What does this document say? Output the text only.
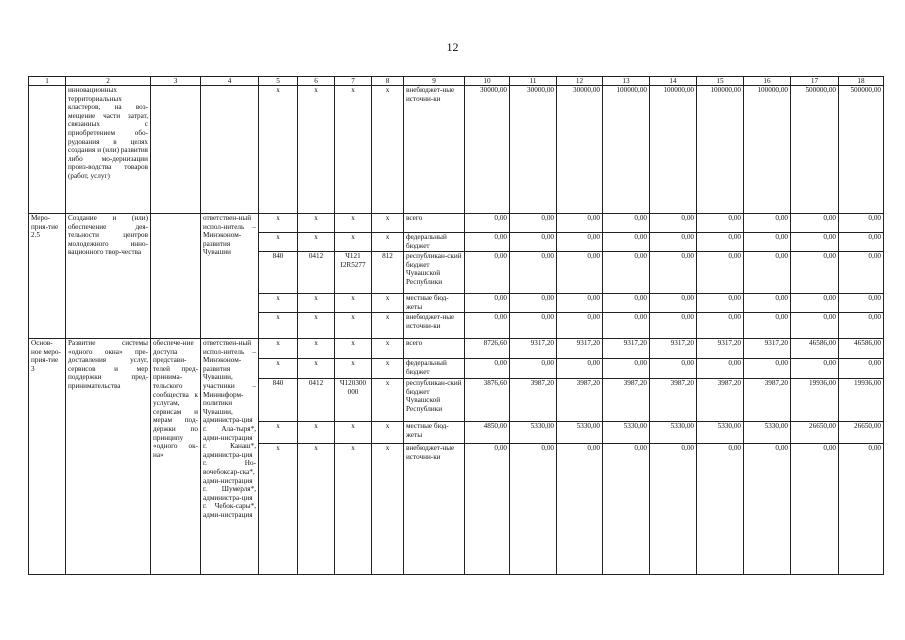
12
1	2	3	4	5	6	7	8	9	10	11	12	13	14	15	16	17	18
	инновационных территориальных кластеров, на воз-мещение части затрат, связанных с приобретением обо-рудования в целях создания и (или) развития либо мо-дернизации произ-водства товаров (работ, услуг)			х	х	х	х	внебюджет-ные источни-ки	30000,00	30000,00	30000,00	100000,00	100000,00	100000,00	100000,00	500000,00	500000,00
Меро-прия-тие 2.5	Создание и (или) обеспечение дея-тельности центров молодежного инно-вационного твор-чества		ответствен-ный испол-нитель – Минэконом-развития Чувашии	х	х	х	х	всего	0,00	0,00	0,00	0,00	0,00	0,00	0,00	0,00	0,00
				х	х	х	х	федеральный бюджет	0,00	0,00	0,00	0,00	0,00	0,00	0,00	0,00	0,00
				840	0412	Ч121 I2R5277	812	республикан-ский бюджет Чувашской Республики	0,00	0,00	0,00	0,00	0,00	0,00	0,00	0,00	0,00
				х	х	х	х	местные бюд-жеты	0,00	0,00	0,00	0,00	0,00	0,00	0,00	0,00	0,00
				х	х	х	х	внебюджет-ные источни-ки	0,00	0,00	0,00	0,00	0,00	0,00	0,00	0,00	0,00
Основ-ное меро-прия-тие 3	Развитие системы «одного окна» пре-доставления услуг, сервисов и мер поддержки пред-принимательства	обеспече-ние доступа представи-телей пред-принима-тельского сообщества к услугам, сервисам и мерам под-держки по принципу «одного ок-на»	ответствен-ный испол-нитель – Минэконом-развития Чувашии, участники – Мининформ-политики Чувашии, администра-ция г. Ала-тыря*, адми-нистрация г. Канаш*, администра-ция г. Но-вочебоксар-ска*, адми-нистрация г. Шумерля*, администра-ция г. Чебок-сары*, адми-нистрация	х	х	х	х	всего	8726,60	9317,20	9317,20	9317,20	9317,20	9317,20	9317,20	46586,00	46586,00
				х	х	х	х	федеральный бюджет	0,00	0,00	0,00	0,00	0,00	0,00	0,00	0,00	0,00
				840	0412	Ч120300 000	х	республикан-ский бюджет Чувашской Республики	3876,60	3987,20	3987,20	3987,20	3987,20	3987,20	3987,20	19936,00	19936,00
				х	х	х	х	местные бюд-жеты	4850,00	5330,00	5330,00	5330,00	5330,00	5330,00	5330,00	26650,00	26650,00
				х	х	х	х	внебюджет-ные источни-ки	0,00	0,00	0,00	0,00	0,00	0,00	0,00	0,00	0,00
